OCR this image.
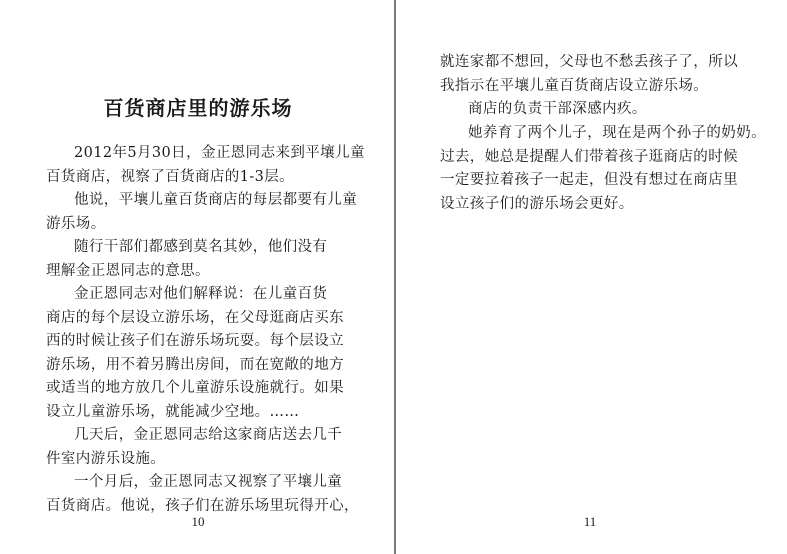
百货商店里的游乐场

2012年5月30日，金正恩同志来到平壤儿童
百货商店，视察了百货商店的1-3层。

他说，平壤儿童百货商店的每层都要有儿童
游乐场。

随行干部们都感到莫名其妙，他们没有
理解金正恩同志的意思。

金正恩同志对他们解释说：在儿童百货
商店的每个层设立游乐场，在父母逛商店买东
西的时候让孩子们在游乐场玩耍。每个层设立
游乐场，用不着另腾出房间，而在宽敞的地方
或适当的地方放几个儿童游乐设施就行。如果
设立儿童游乐场，就能减少空地。……

几天后，金正恩同志给这家商店送去几千
件室内游乐设施。

一个月后，金正恩同志又视察了平壤儿童
百货商店。他说，孩子们在游乐场里玩得开心，

10

就连家都不想回，父母也不愁丢孩子了，所以
我指示在平壤儿童百货商店设立游乐场。

商店的负责干部深感内疚。

她养育了两个儿子，现在是两个孙子的奶奶。
过去，她总是提醒人们带着孩子逛商店的时候
一定要拉着孩子一起走，但没有想过在商店里
设立孩子们的游乐场会更好。

11
